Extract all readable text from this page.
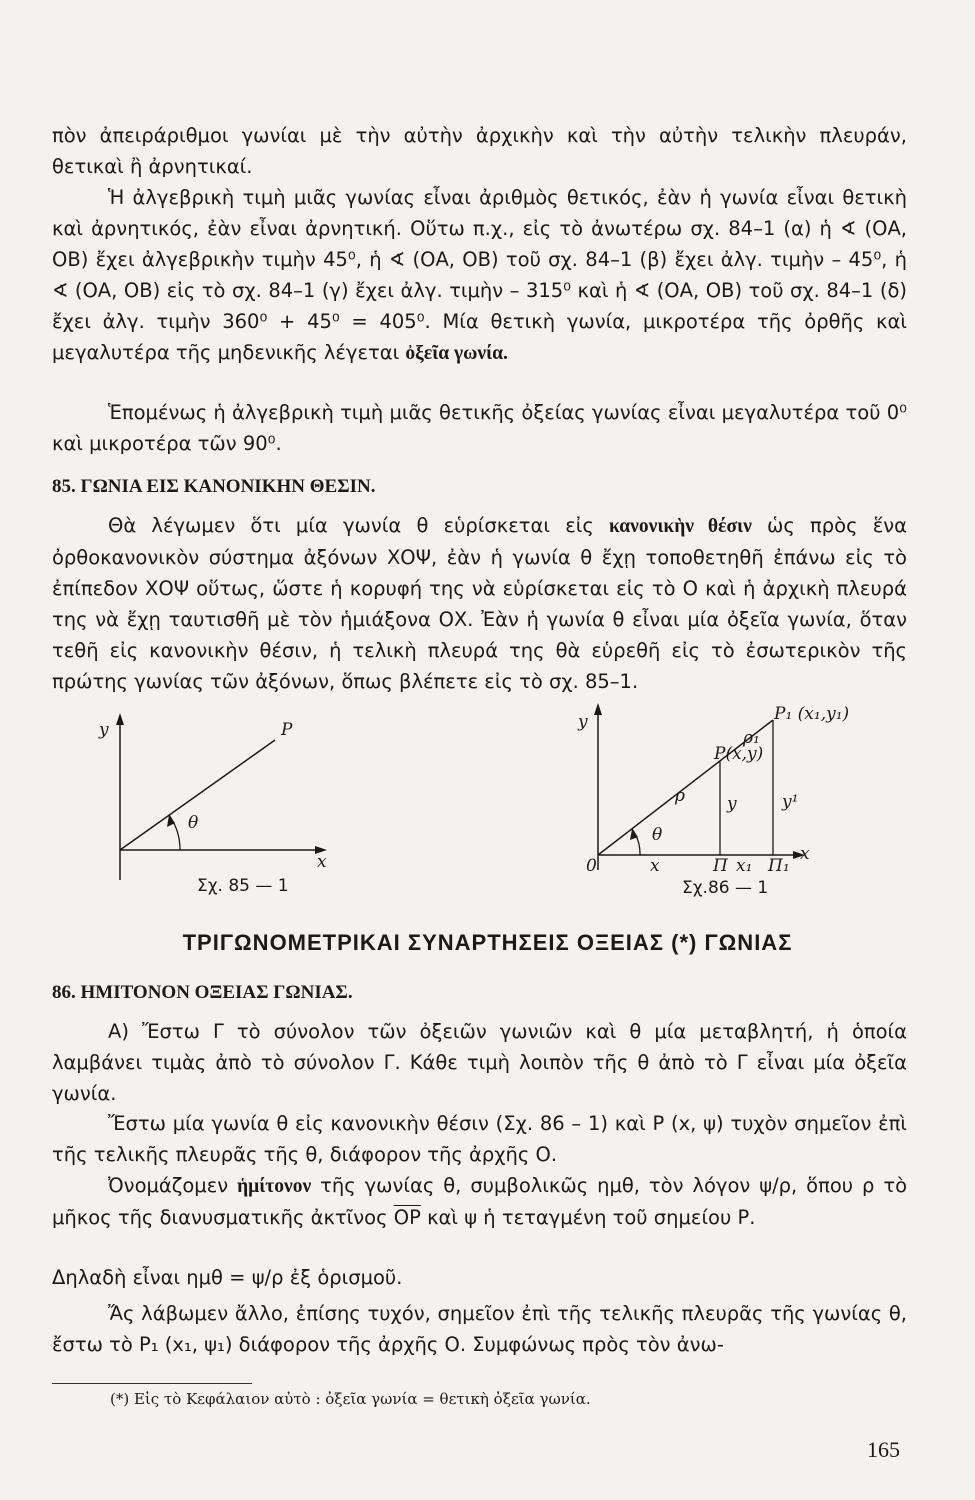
πὸν ἀπειράριθμοι γωνίαι μὲ τὴν αὐτὴν ἀρχικὴν καὶ τὴν αὐτὴν τελικὴν πλευράν, θετικαὶ ἢ ἀρνητικαί.
Ἡ ἀλγεβρικὴ τιμὴ μιᾶς γωνίας εἶναι ἀριθμὸς θετικός, ἐὰν ἡ γωνία εἶναι θετικὴ καὶ ἀρνητικός, ἐὰν εἶναι ἀρνητική. Οὕτω π.χ., εἰς τὸ ἀνωτέρω σχ. 84–1 (α) ἡ ∢ (ΟΑ, ΟΒ) ἔχει ἀλγεβρικὴν τιμὴν 45⁰, ἡ ∢ (ΟΑ, ΟΒ) τοῦ σχ. 84–1 (β) ἔχει ἀλγ. τιμὴν – 45⁰, ἡ ∢ (ΟΑ, ΟΒ) εἰς τὸ σχ. 84–1 (γ) ἔχει ἀλγ. τιμὴν – 315⁰ καὶ ἡ ∢ (ΟΑ, ΟΒ) τοῦ σχ. 84–1 (δ) ἔχει ἀλγ. τιμὴν 360⁰ + 45⁰ = 405⁰. Μία θετικὴ γωνία, μικροτέρα τῆς ὀρθῆς καὶ μεγαλυτέρα τῆς μηδενικῆς λέγεται ὀξεῖα γωνία.
Ἑπομένως ἡ ἀλγεβρικὴ τιμὴ μιᾶς θετικῆς ὀξείας γωνίας εἶναι μεγαλυτέρα τοῦ 0⁰ καὶ μικροτέρα τῶν 90⁰.
85. ΓΩΝΙΑ ΕΙΣ ΚΑΝΟΝΙΚΗΝ ΘΕΣΙΝ.
Θὰ λέγωμεν ὅτι μία γωνία θ εὑρίσκεται εἰς κανονικὴν θέσιν ὡς πρὸς ἕνα ὀρθοκανονικὸν σύστημα ἀξόνων ΧΟΨ, ἐὰν ἡ γωνία θ ἔχῃ τοποθετηθῆ ἐπάνω εἰς τὸ ἐπίπεδον ΧΟΨ οὕτως, ὥστε ἡ κορυφή της νὰ εὑρίσκεται εἰς τὸ Ο καὶ ἡ ἀρχικὴ πλευρά της νὰ ἔχῃ ταυτισθῆ μὲ τὸν ἡμιάξονα ΟΧ. Ἐὰν ἡ γωνία θ εἶναι μία ὀξεῖα γωνία, ὅταν τεθῆ εἰς κανονικὴν θέσιν, ἡ τελικὴ πλευρά της θὰ εὑρεθῆ εἰς τὸ ἐσωτερικὸν τῆς πρώτης γωνίας τῶν ἀξόνων, ὅπως βλέπετε εἰς τὸ σχ. 85–1.
y	P
θ
x
Σχ. 85 — 1
y	P₁ (x₁,y₁)
ρ₁
P(x,y)
ρ y	y¹
θ
0	x	Π x₁ Π₁
x
Σχ.86 — 1
ΤΡΙΓΩΝΟΜΕΤΡΙΚΑΙ ΣΥΝΑΡΤΗΣΕΙΣ ΟΞΕΙΑΣ (*) ΓΩΝΙΑΣ
86. ΗΜΙΤΟΝΟΝ ΟΞΕΙΑΣ ΓΩΝΙΑΣ.
Α) Ἔστω Γ τὸ σύνολον τῶν ὀξειῶν γωνιῶν καὶ θ μία μεταβλητή, ἡ ὁποία λαμβάνει τιμὰς ἀπὸ τὸ σύνολον Γ. Κάθε τιμὴ λοιπὸν τῆς θ ἀπὸ τὸ Γ εἶναι μία ὀξεῖα γωνία.
Ἔστω μία γωνία θ εἰς κανονικὴν θέσιν (Σχ. 86 – 1) καὶ Ρ (x, ψ) τυχὸν σημεῖον ἐπὶ τῆς τελικῆς πλευρᾶς τῆς θ, διάφορον τῆς ἀρχῆς Ο.
Ὀνομάζομεν ἡμίτονον τῆς γωνίας θ, συμβολικῶς ημθ, τὸν λόγον ψ/ρ, ὅπου ρ τὸ μῆκος τῆς διανυσματικῆς ἀκτῖνος $\overline{OP}$ καὶ ψ ἡ τεταγμένη τοῦ σημείου Ρ.
Δηλαδὴ εἶναι ημθ = ψ/ρ ἐξ ὁρισμοῦ.
Ἄς λάβωμεν ἄλλο, ἐπίσης τυχόν, σημεῖον ἐπὶ τῆς τελικῆς πλευρᾶς τῆς γωνίας θ, ἔστω τὸ Ρ₁ (x₁, ψ₁) διάφορον τῆς ἀρχῆς Ο. Συμφώνως πρὸς τὸν ἀνω-
(*) Εἰς τὸ Κεφάλαιον αὐτὸ : ὀξεῖα γωνία = θετικὴ ὀξεῖα γωνία.
165
